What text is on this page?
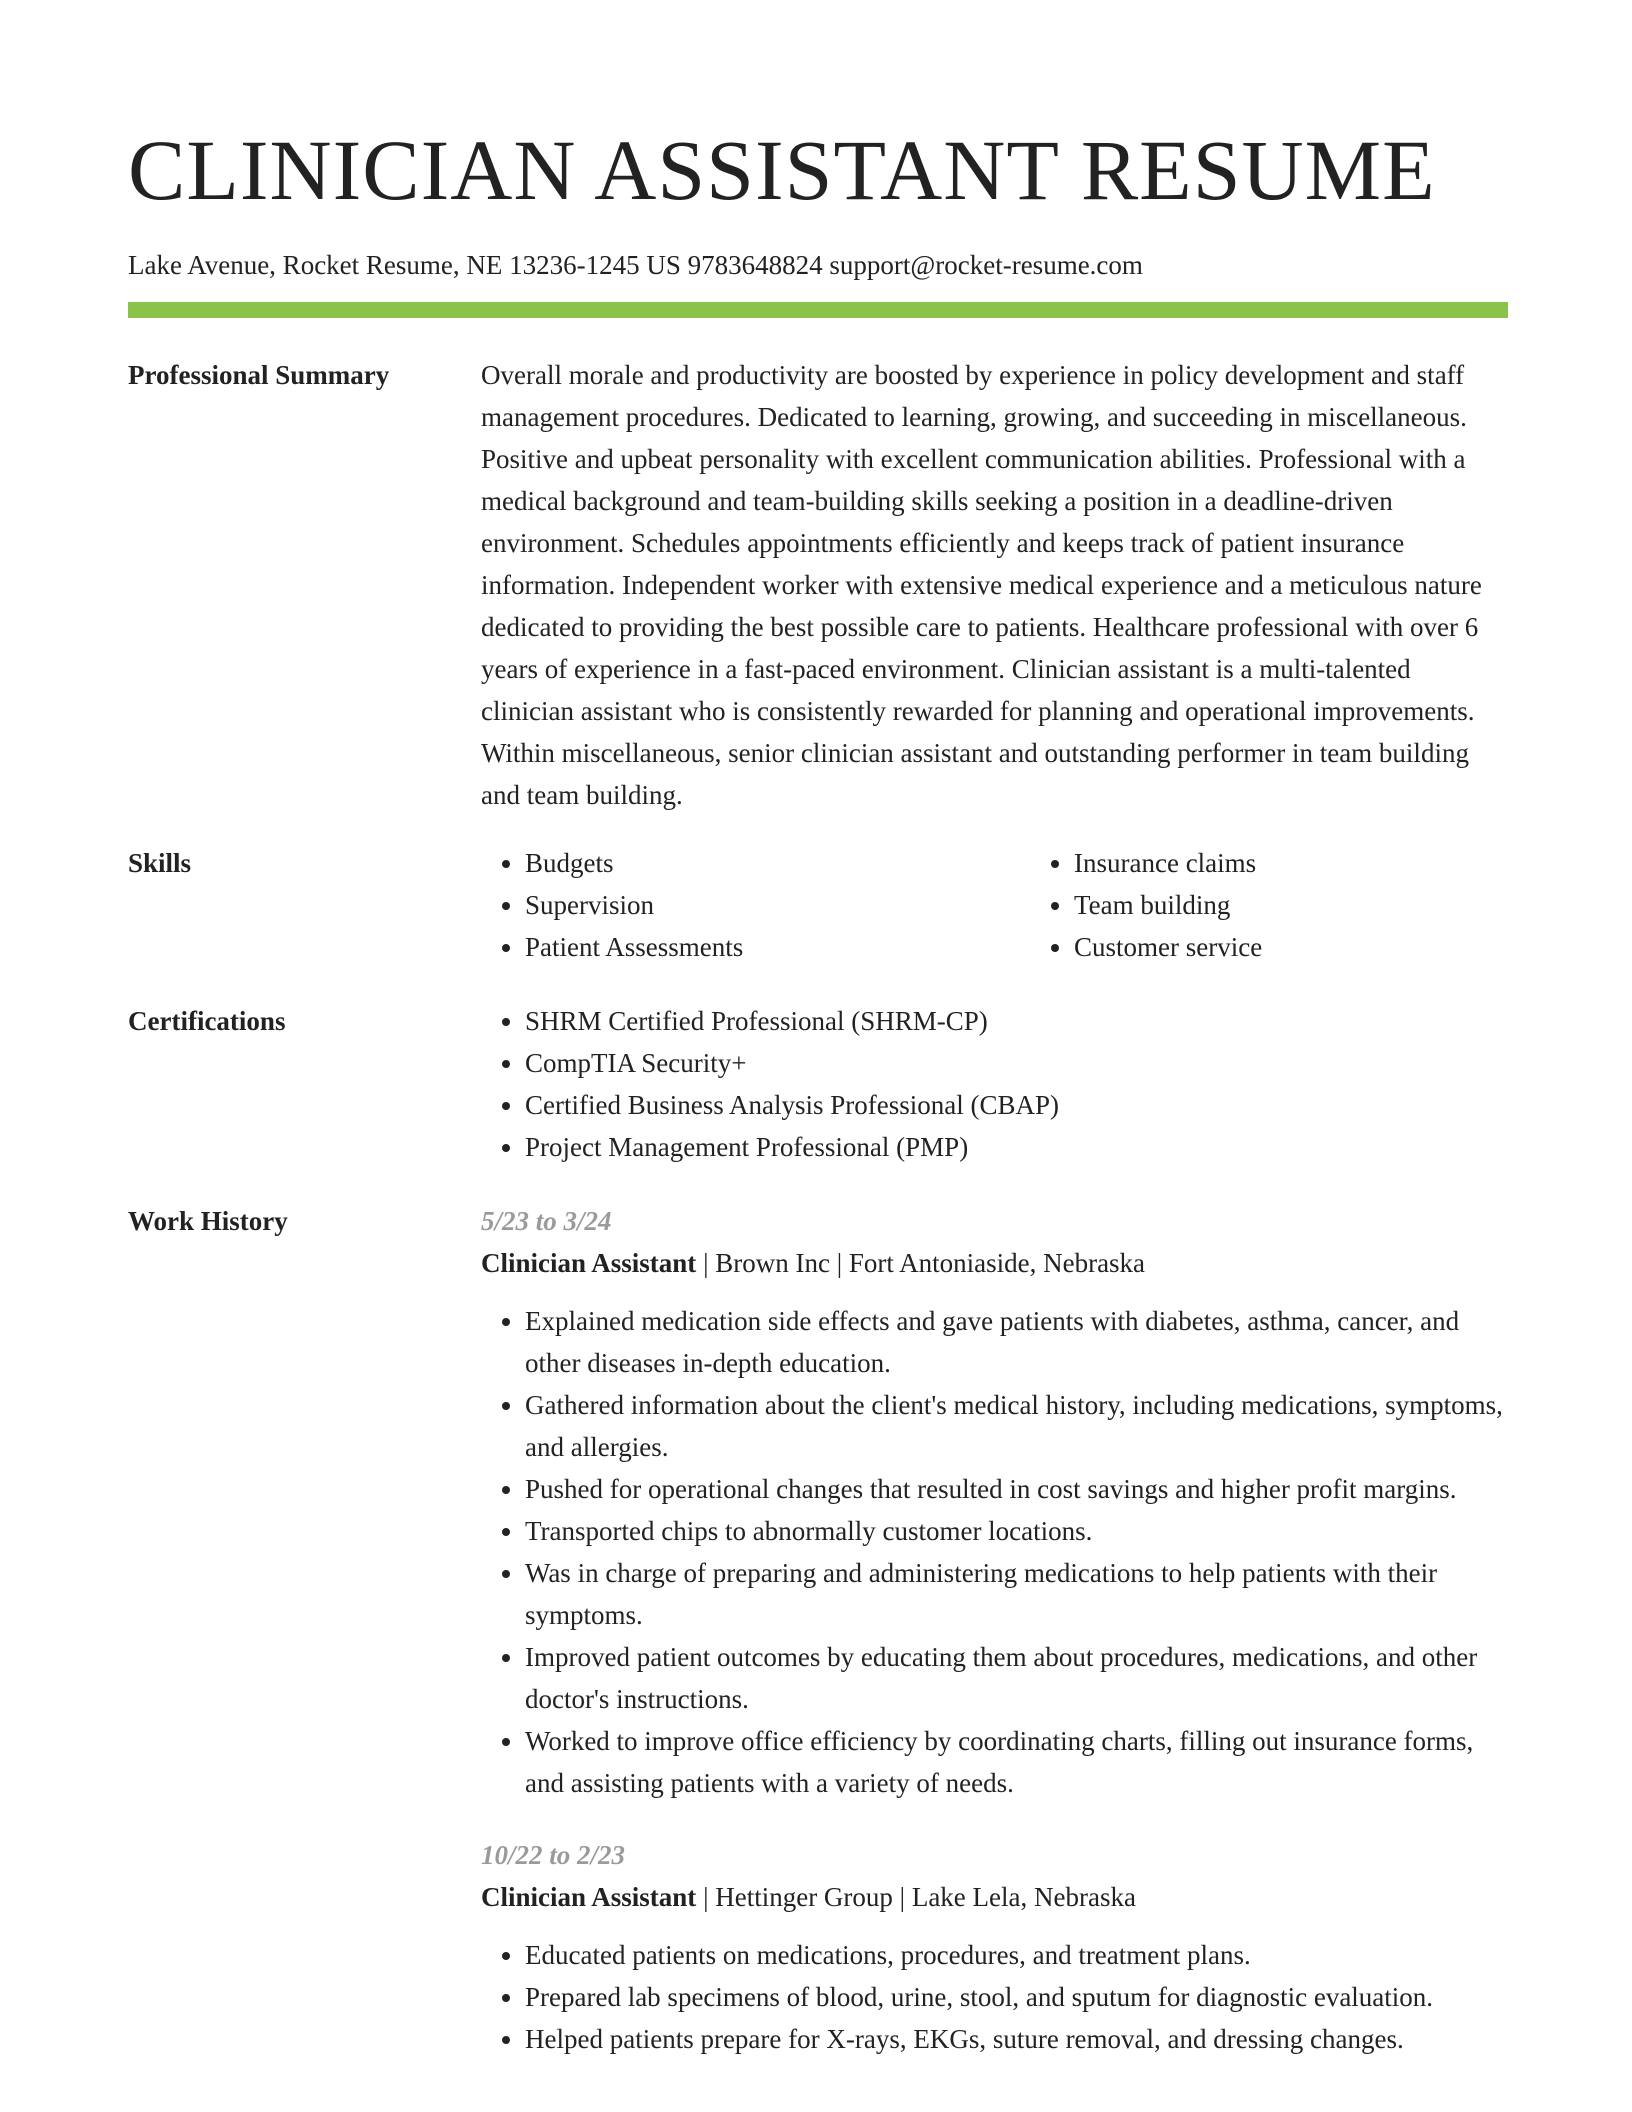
CLINICIAN ASSISTANT RESUME
Lake Avenue, Rocket Resume, NE 13236-1245 US 9783648824 support@rocket-resume.com
Professional Summary	Overall morale and productivity are boosted by experience in policy development and staff management procedures. Dedicated to learning, growing, and succeeding in miscellaneous. Positive and upbeat personality with excellent communication abilities. Professional with a medical background and team-building skills seeking a position in a deadline-driven environment. Schedules appointments efficiently and keeps track of patient insurance information. Independent worker with extensive medical experience and a meticulous nature dedicated to providing the best possible care to patients. Healthcare professional with over 6 years of experience in a fast-paced environment. Clinician assistant is a multi-talented clinician assistant who is consistently rewarded for planning and operational improvements. Within miscellaneous, senior clinician assistant and outstanding performer in team building and team building.

Skills	• Budgets
• Supervision
• Patient Assessments
• Insurance claims
• Team building
• Customer service
Certifications	• SHRM Certified Professional (SHRM-CP)
• CompTIA Security+
• Certified Business Analysis Professional (CBAP)
• Project Management Professional (PMP)
Work History	5/23 to 3/24
Clinician Assistant | Brown Inc | Fort Antoniaside, Nebraska
• Explained medication side effects and gave patients with diabetes, asthma, cancer, and other diseases in-depth education.
• Gathered information about the client's medical history, including medications, symptoms, and allergies.
• Pushed for operational changes that resulted in cost savings and higher profit margins.
• Transported chips to abnormally customer locations.
• Was in charge of preparing and administering medications to help patients with their symptoms.
• Improved patient outcomes by educating them about procedures, medications, and other doctor's instructions.
• Worked to improve office efficiency by coordinating charts, filling out insurance forms, and assisting patients with a variety of needs.
10/22 to 2/23
Clinician Assistant | Hettinger Group | Lake Lela, Nebraska
• Educated patients on medications, procedures, and treatment plans.
• Prepared lab specimens of blood, urine, stool, and sputum for diagnostic evaluation.
• Helped patients prepare for X-rays, EKGs, suture removal, and dressing changes.
